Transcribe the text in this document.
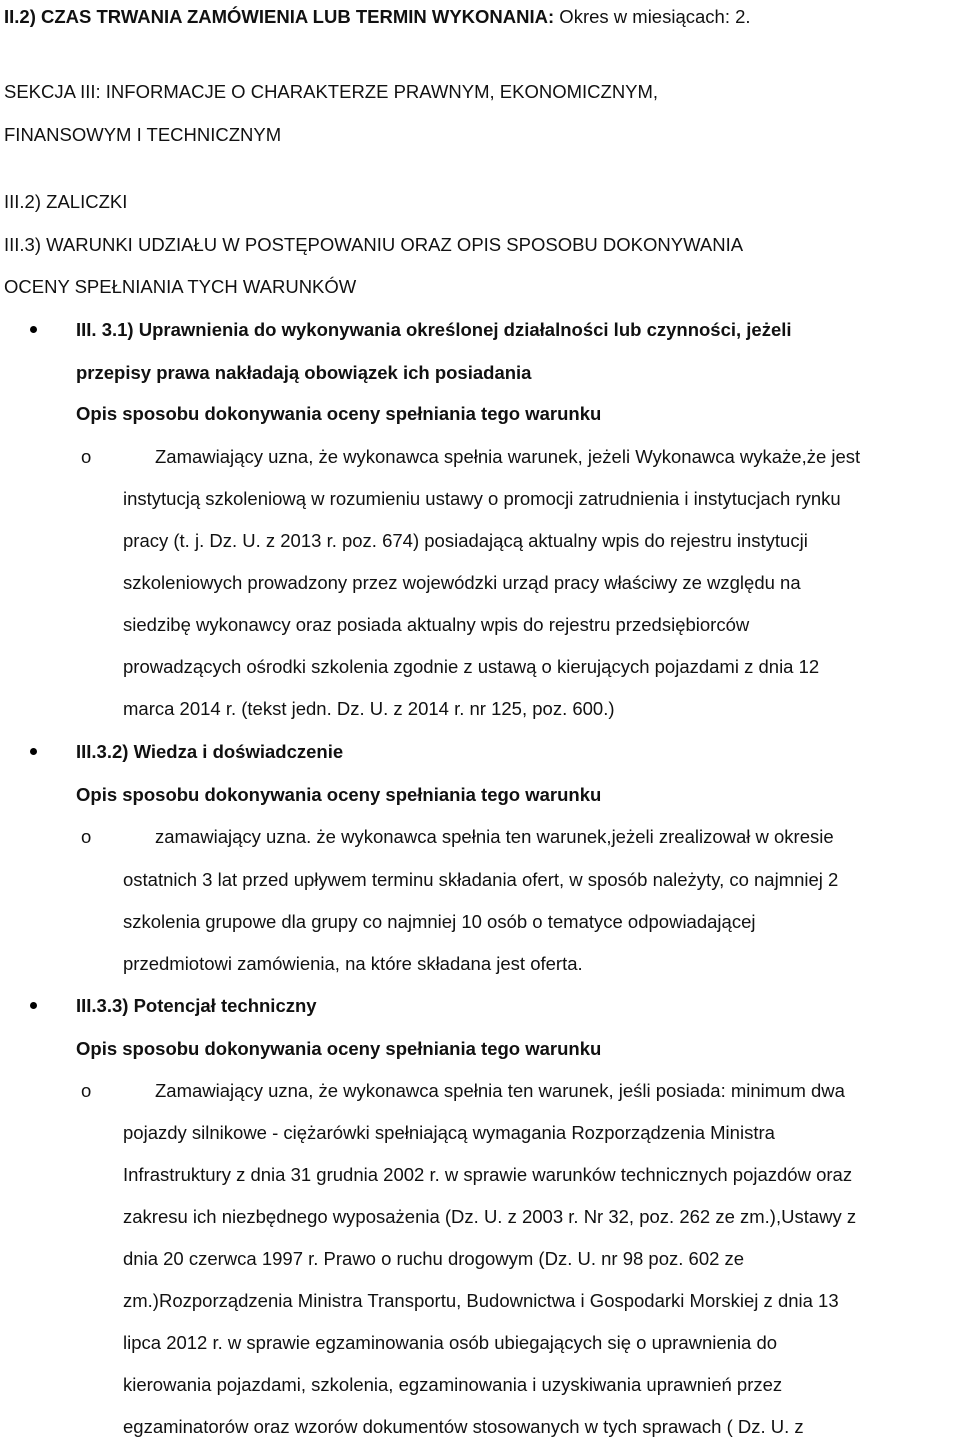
II.2) CZAS TRWANIA ZAMÓWIENIA LUB TERMIN WYKONANIA: Okres w miesiącach: 2.
SEKCJA III: INFORMACJE O CHARAKTERZE PRAWNYM, EKONOMICZNYM,
FINANSOWYM I TECHNICZNYM
III.2) ZALICZKI
III.3) WARUNKI UDZIAŁU W POSTĘPOWANIU ORAZ OPIS SPOSOBU DOKONYWANIA
OCENY SPEŁNIANIA TYCH WARUNKÓW
III. 3.1) Uprawnienia do wykonywania określonej działalności lub czynności, jeżeli
przepisy prawa nakładają obowiązek ich posiadania
Opis sposobu dokonywania oceny spełniania tego warunku
o	Zamawiający uzna, że wykonawca spełnia warunek, jeżeli Wykonawca wykaże,że jest
instytucją szkoleniową w rozumieniu ustawy o promocji zatrudnienia i instytucjach rynku
pracy (t. j. Dz. U. z 2013 r. poz. 674) posiadającą aktualny wpis do rejestru instytucji
szkoleniowych prowadzony przez wojewódzki urząd pracy właściwy ze względu na
siedzibę wykonawcy oraz posiada aktualny wpis do rejestru przedsiębiorców
prowadzących ośrodki szkolenia zgodnie z ustawą o kierujących pojazdami z dnia 12
marca 2014 r. (tekst jedn. Dz. U. z 2014 r. nr 125, poz. 600.)
III.3.2) Wiedza i doświadczenie
Opis sposobu dokonywania oceny spełniania tego warunku
o	zamawiający uzna. że wykonawca spełnia ten warunek,jeżeli zrealizował w okresie
ostatnich 3 lat przed upływem terminu składania ofert, w sposób należyty, co najmniej 2
szkolenia grupowe dla grupy co najmniej 10 osób o tematyce odpowiadającej
przedmiotowi zamówienia, na które składana jest oferta.
III.3.3) Potencjał techniczny
Opis sposobu dokonywania oceny spełniania tego warunku
o	Zamawiający uzna, że wykonawca spełnia ten warunek, jeśli posiada: minimum dwa
pojazdy silnikowe - ciężarówki spełniającą wymagania Rozporządzenia Ministra
Infrastruktury z dnia 31 grudnia 2002 r. w sprawie warunków technicznych pojazdów oraz
zakresu ich niezbędnego wyposażenia (Dz. U. z 2003 r. Nr 32, poz. 262 ze zm.),Ustawy z
dnia 20 czerwca 1997 r. Prawo o ruchu drogowym (Dz. U. nr 98 poz. 602 ze
zm.)Rozporządzenia Ministra Transportu, Budownictwa i Gospodarki Morskiej z dnia 13
lipca 2012 r. w sprawie egzaminowania osób ubiegających się o uprawnienia do
kierowania pojazdami, szkolenia, egzaminowania i uzyskiwania uprawnień przez
egzaminatorów oraz wzorów dokumentów stosowanych w tych sprawach ( Dz. U. z
